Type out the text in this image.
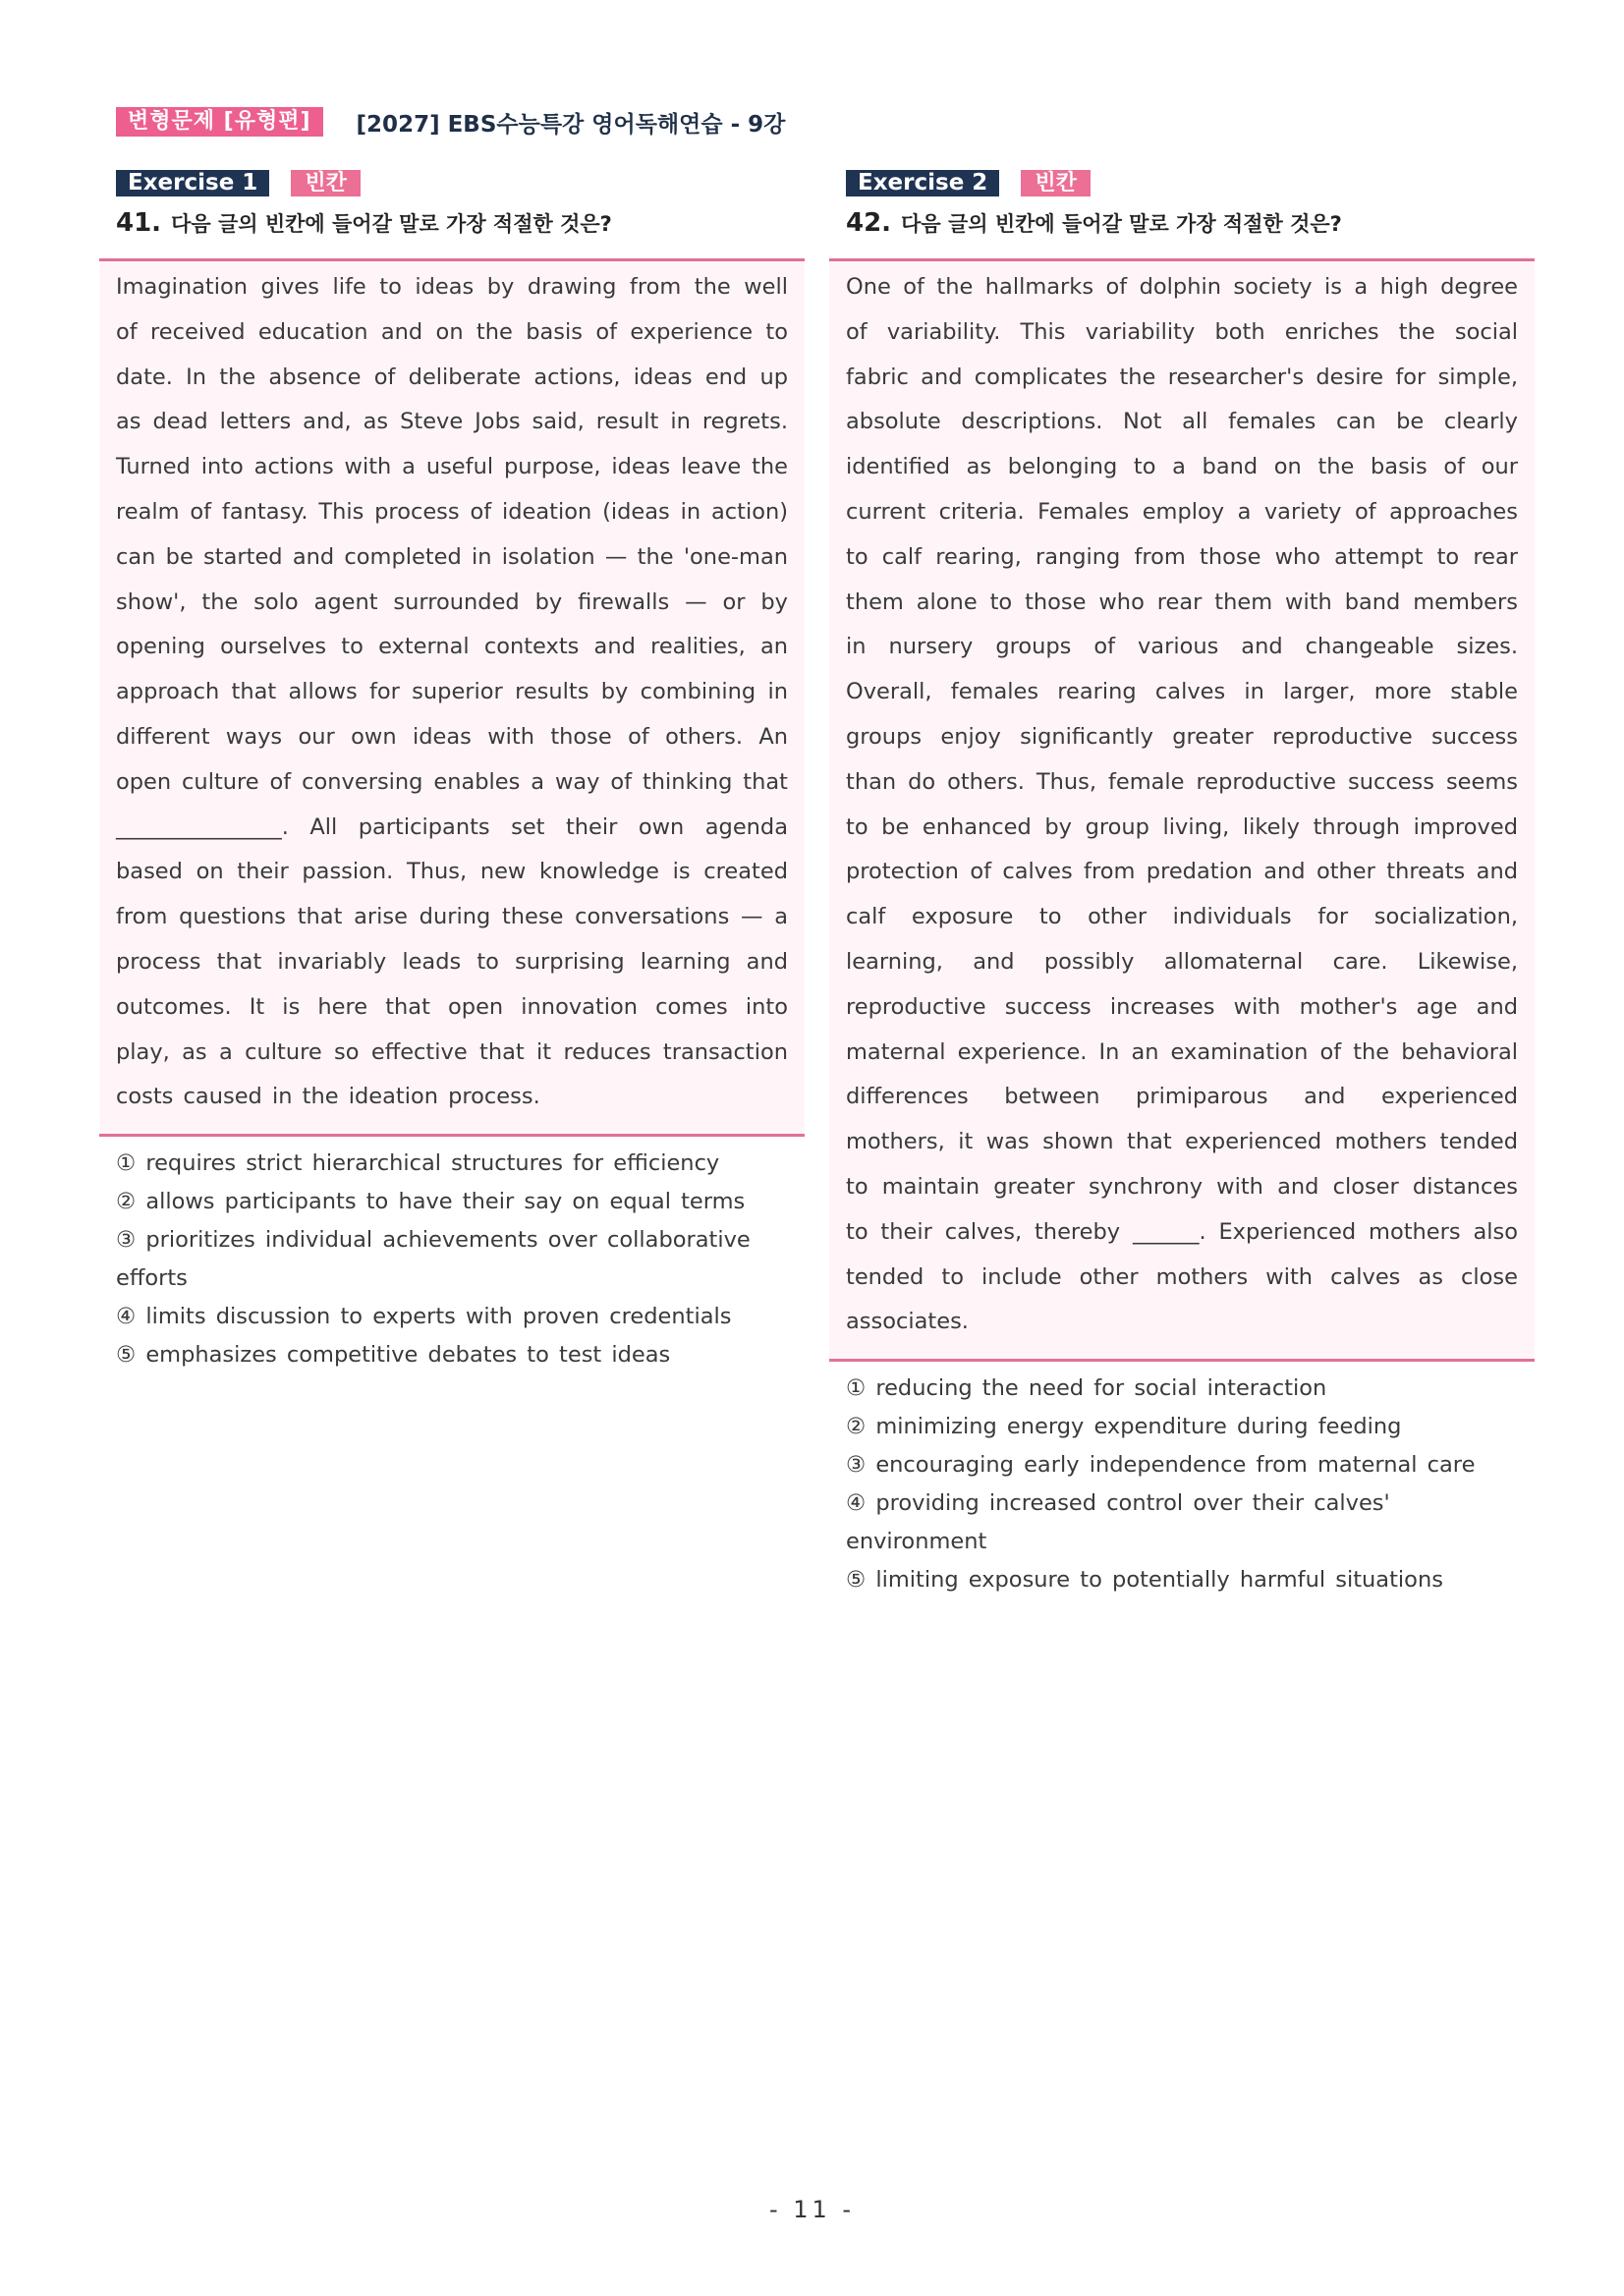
변형문제 [유형편]	[2027] EBS수능특강 영어독해연습 - 9강
Exercise 1	빈칸
41. 다음 글의 빈칸에 들어갈 말로 가장 적절한 것은?
Imagination gives life to ideas by drawing from the well of received education and on the basis of experience to date. In the absence of deliberate actions, ideas end up as dead letters and, as Steve Jobs said, result in regrets. Turned into actions with a useful purpose, ideas leave the realm of fantasy. This process of ideation (ideas in action) can be started and completed in isolation — the 'one-man show', the solo agent surrounded by firewalls — or by opening ourselves to external contexts and realities, an approach that allows for superior results by combining in different ways our own ideas with those of others. An open culture of conversing enables a way of thinking that _______________. All participants set their own agenda based on their passion. Thus, new knowledge is created from questions that arise during these conversations — a process that invariably leads to surprising learning and outcomes. It is here that open innovation comes into play, as a culture so effective that it reduces transaction costs caused in the ideation process.
① requires strict hierarchical structures for efficiency
② allows participants to have their say on equal terms
③ prioritizes individual achievements over collaborative efforts
④ limits discussion to experts with proven credentials
⑤ emphasizes competitive debates to test ideas
Exercise 2	빈칸
42. 다음 글의 빈칸에 들어갈 말로 가장 적절한 것은?
One of the hallmarks of dolphin society is a high degree of variability. This variability both enriches the social fabric and complicates the researcher's desire for simple, absolute descriptions. Not all females can be clearly identified as belonging to a band on the basis of our current criteria. Females employ a variety of approaches to calf rearing, ranging from those who attempt to rear them alone to those who rear them with band members in nursery groups of various and changeable sizes. Overall, females rearing calves in larger, more stable groups enjoy significantly greater reproductive success than do others. Thus, female reproductive success seems to be enhanced by group living, likely through improved protection of calves from predation and other threats and calf exposure to other individuals for socialization, learning, and possibly allomaternal care. Likewise, reproductive success increases with mother's age and maternal experience. In an examination of the behavioral differences between primiparous and experienced mothers, it was shown that experienced mothers tended to maintain greater synchrony with and closer distances to their calves, thereby ______. Experienced mothers also tended to include other mothers with calves as close associates.
① reducing the need for social interaction
② minimizing energy expenditure during feeding
③ encouraging early independence from maternal care
④ providing increased control over their calves' environment
⑤ limiting exposure to potentially harmful situations
- 11 -
